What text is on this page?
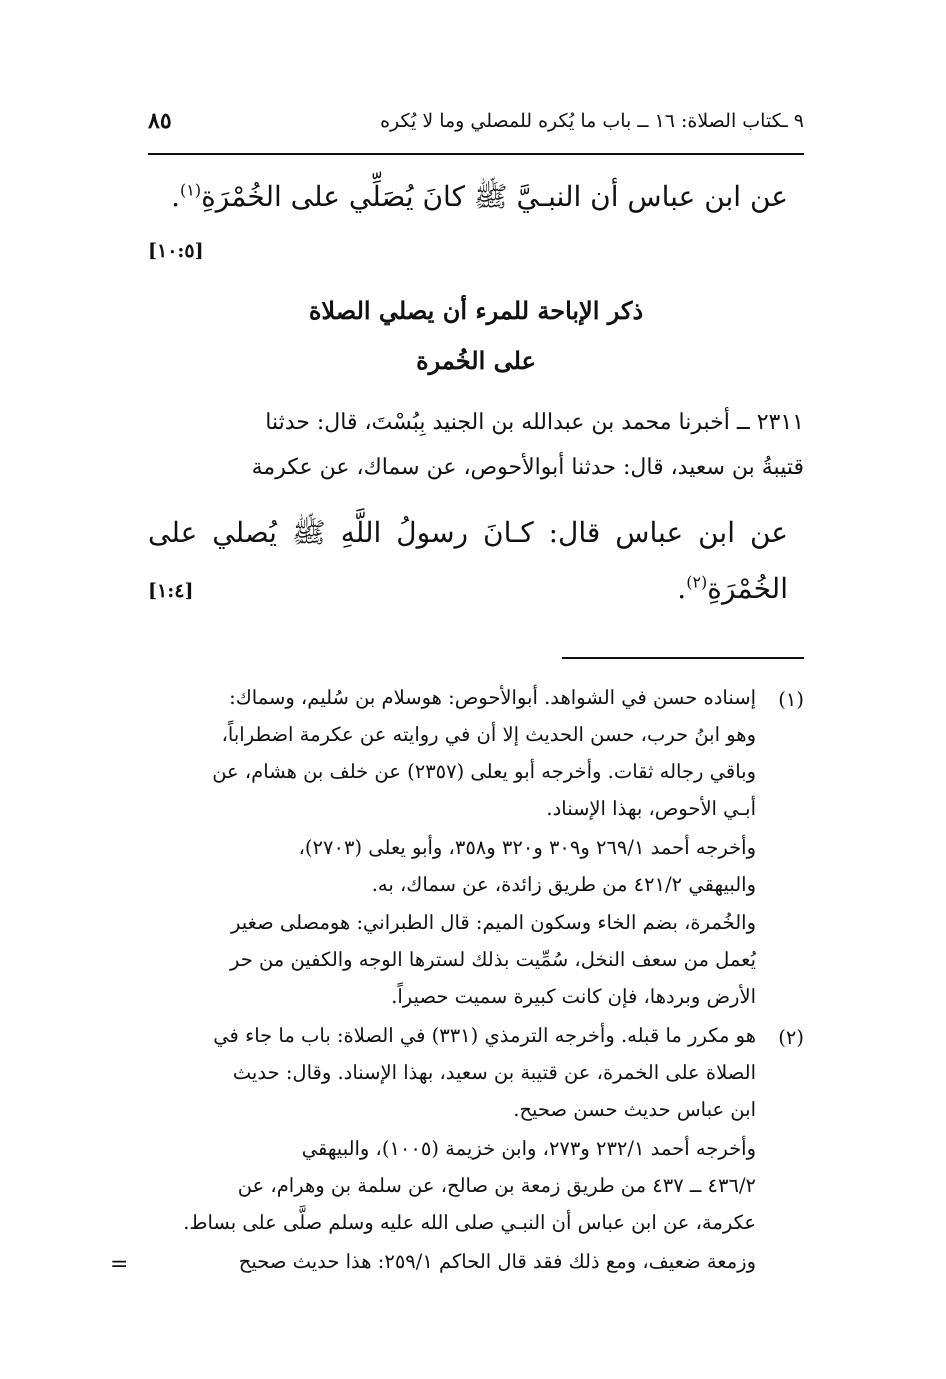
٨٥	٩ ـكتاب الصلاة: ١٦ ــ باب ما يُكره للمصلي وما لا يُكره
عن ابن عباس أن النبـيَّ ﷺ كانَ يُصَلِّي على الخُمْرَةِ$^{(١)}$.
[١٠:٥]
ذكر الإباحة للمرء أن يصلي الصلاة
على الخُمرة
٢٣١١ ــ أخبرنا محمد بن عبدالله بن الجنيد بِبُسْتَ، قال: حدثنا
قتيبةُ بن سعيد، قال: حدثنا أبوالأحوص، عن سماك، عن عكرمة
عن ابن عباس قال: كـانَ رسولُ اللَّهِ ﷺ يُصلي على
الخُمْرَةِ$^{(٢)}$.
[١:٤]
(١)
إسناده حسن في الشواهد. أبوالأحوص: هوسلام بن سُليم، وسماك:
وهو ابنُ حرب، حسن الحديث إلا أن في روايته عن عكرمة اضطراباً،
وباقي رجاله ثقات. وأخرجه أبو يعلى (٢٣٥٧) عن خلف بن هشام، عن
أبـي الأحوص، بهذا الإسناد.
وأخرجه أحمد ٢٦٩/١ و٣٠٩ و٣٢٠ و٣٥٨، وأبو يعلى (٢٧٠٣)،
والبيهقي ٤٢١/٢ من طريق زائدة، عن سماك، به.
والخُمرة، بضم الخاء وسكون الميم: قال الطبراني: هومصلى صغير
يُعمل من سعف النخل، سُمِّيت بذلك لسترها الوجه والكفين من حر
الأرض وبردها، فإن كانت كبيرة سميت حصيراً.
(٢)
هو مكرر ما قبله. وأخرجه الترمذي (٣٣١) في الصلاة: باب ما جاء في
الصلاة على الخمرة، عن قتيبة بن سعيد، بهذا الإسناد. وقال: حديث
ابن عباس حديث حسن صحيح.
وأخرجه أحمد ٢٣٢/١ و٢٧٣، وابن خزيمة (١٠٠٥)، والبيهقي
٤٣٦/٢ ــ ٤٣٧ من طريق زمعة بن صالح، عن سلمة بن وهرام، عن
عكرمة، عن ابن عباس أن النبـي صلى الله عليه وسلم صلَّى على بساط.
وزمعة ضعيف، ومع ذلك فقد قال الحاكم ٢٥٩/١: هذا حديث صحيح
=
